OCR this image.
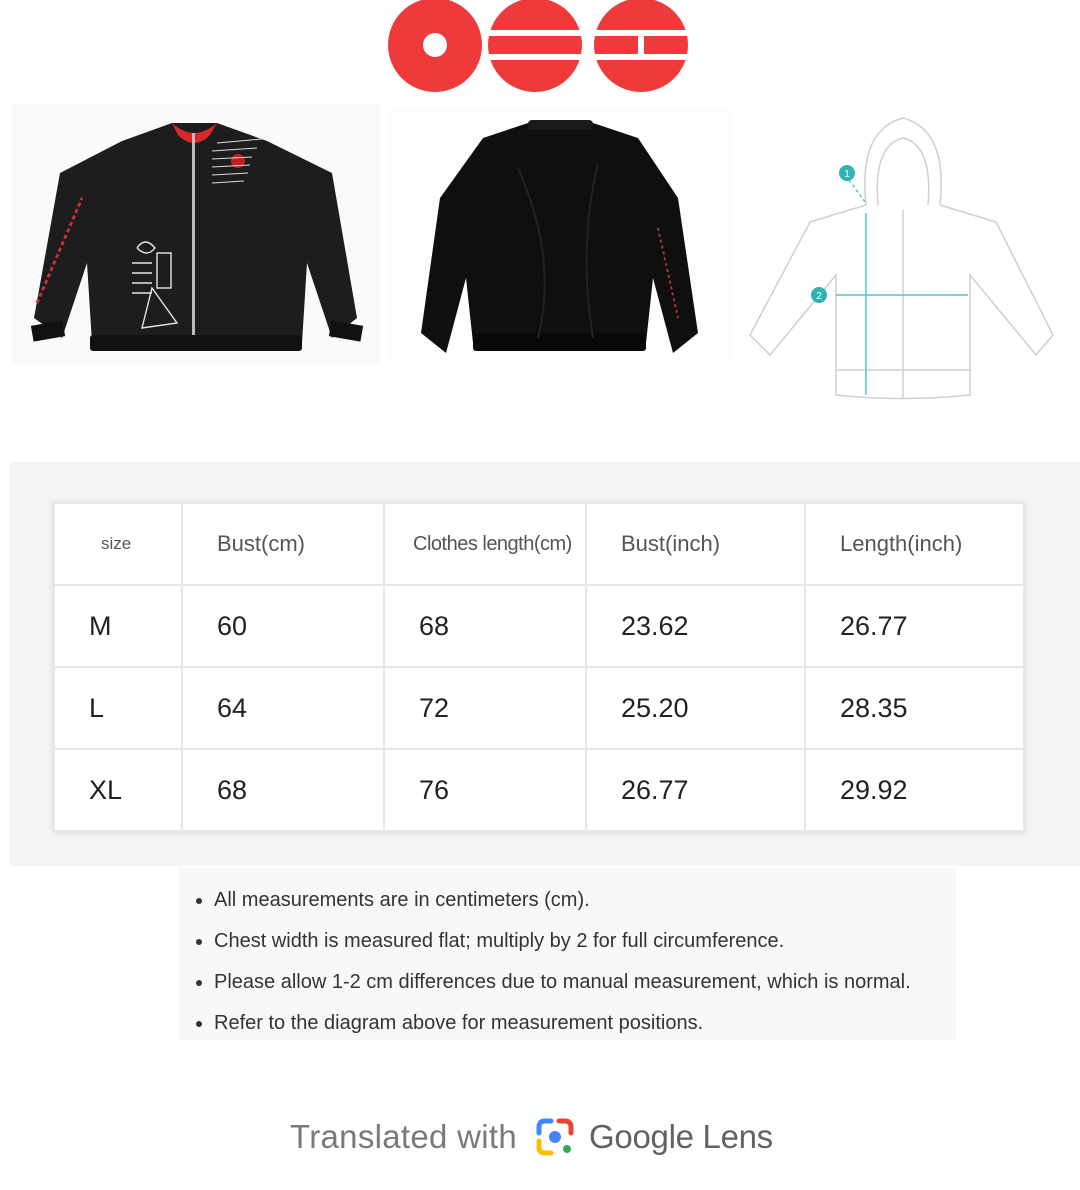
1
2
size	Bust(cm)	Clothes length(cm)	Bust(inch)	Length(inch)
M	60	68	23.62	26.77
L	64	72	25.20	28.35
XL	68	76	26.77	29.92
• All measurements are in centimeters (cm).
• Chest width is measured flat; multiply by 2 for full circumference.
• Please allow 1-2 cm differences due to manual measurement, which is normal.
• Refer to the diagram above for measurement positions.
Translated with Google Lens
